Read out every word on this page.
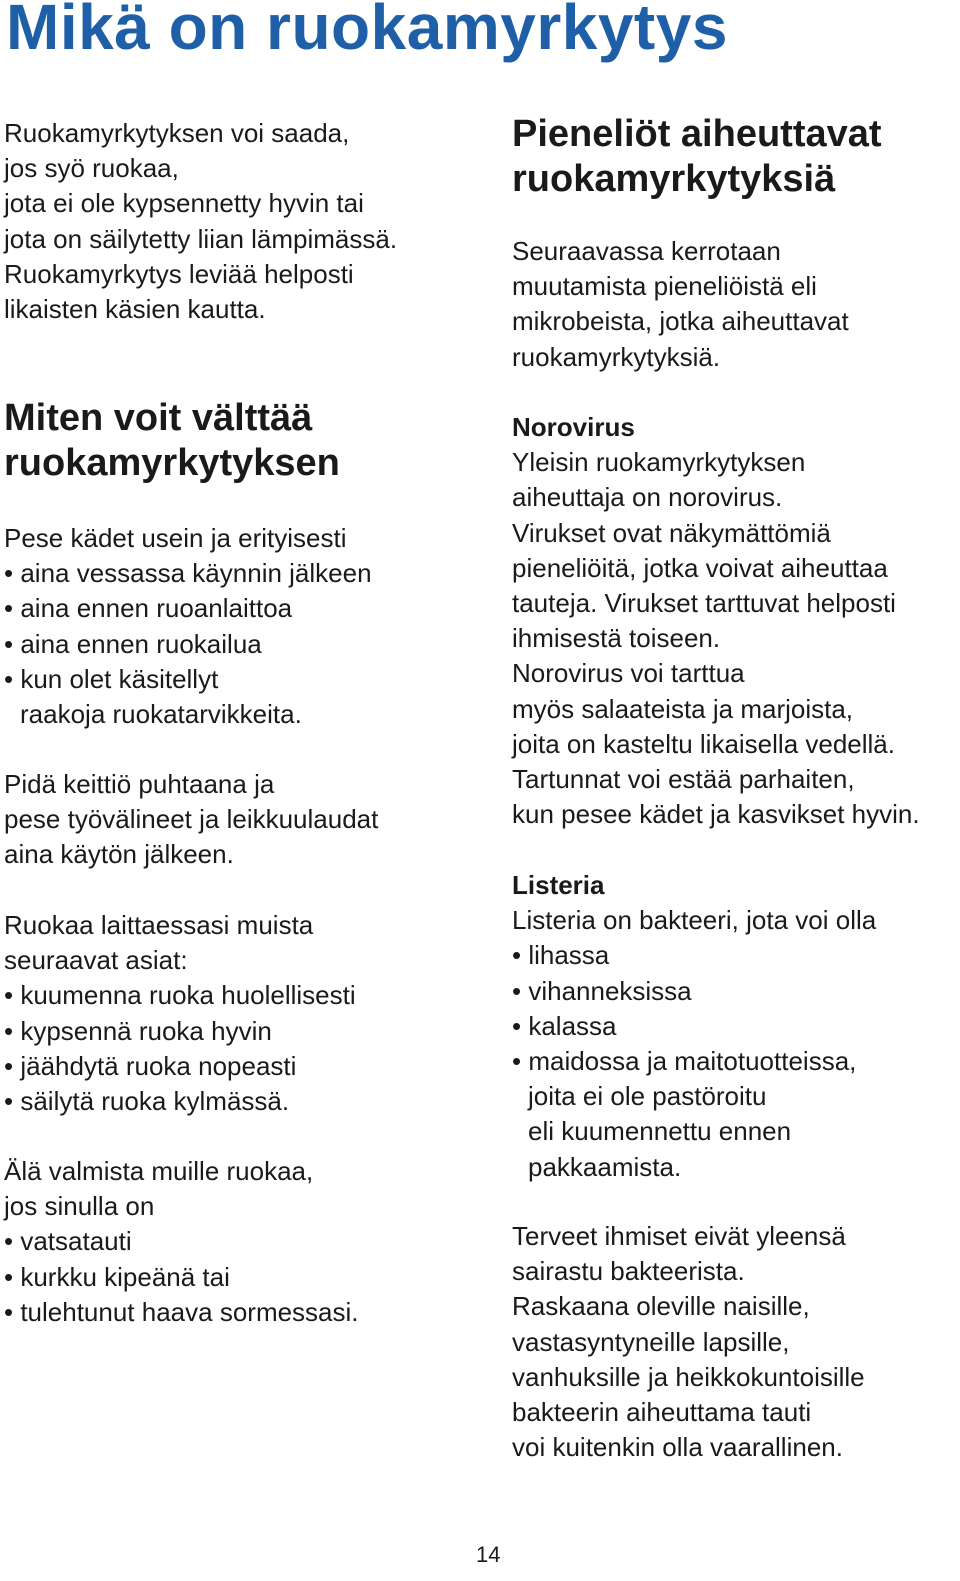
Mikä on ruokamyrkytys
Ruokamyrkytyksen voi saada,
jos syö ruokaa,
jota ei ole kypsennetty hyvin tai
jota on säilytetty liian lämpimässä.
Ruokamyrkytys leviää helposti
likaisten käsien kautta.
Miten voit välttää
ruokamyrkytyksen
Pese kädet usein ja erityisesti
• aina vessassa käynnin jälkeen
• aina ennen ruoanlaittoa
• aina ennen ruokailua
• kun olet käsitellyt
raakoja ruokatarvikkeita.
Pidä keittiö puhtaana ja
pese työvälineet ja leikkuulaudat
aina käytön jälkeen.
Ruokaa laittaessasi muista
seuraavat asiat:
• kuumenna ruoka huolellisesti
• kypsennä ruoka hyvin
• jäähdytä ruoka nopeasti
• säilytä ruoka kylmässä.
Älä valmista muille ruokaa,
jos sinulla on
• vatsatauti
• kurkku kipeänä tai
• tulehtunut haava sormessasi.
Pieneliöt aiheuttavat
ruokamyrkytyksiä
Seuraavassa kerrotaan
muutamista pieneliöistä eli
mikrobeista, jotka aiheuttavat
ruokamyrkytyksiä.
Norovirus
Yleisin ruokamyrkytyksen
aiheuttaja on norovirus.
Virukset ovat näkymättömiä
pieneliöitä, jotka voivat aiheuttaa
tauteja. Virukset tarttuvat helposti
ihmisestä toiseen.
Norovirus voi tarttua
myös salaateista ja marjoista,
joita on kasteltu likaisella vedellä.
Tartunnat voi estää parhaiten,
kun pesee kädet ja kasvikset hyvin.
Listeria
Listeria on bakteeri, jota voi olla
• lihassa
• vihanneksissa
• kalassa
• maidossa ja maitotuotteissa,
joita ei ole pastöroitu
eli kuumennettu ennen
pakkaamista.
Terveet ihmiset eivät yleensä
sairastu bakteerista.
Raskaana oleville naisille,
vastasyntyneille lapsille,
vanhuksille ja heikkokuntoisille
bakteerin aiheuttama tauti
voi kuitenkin olla vaarallinen.

14
